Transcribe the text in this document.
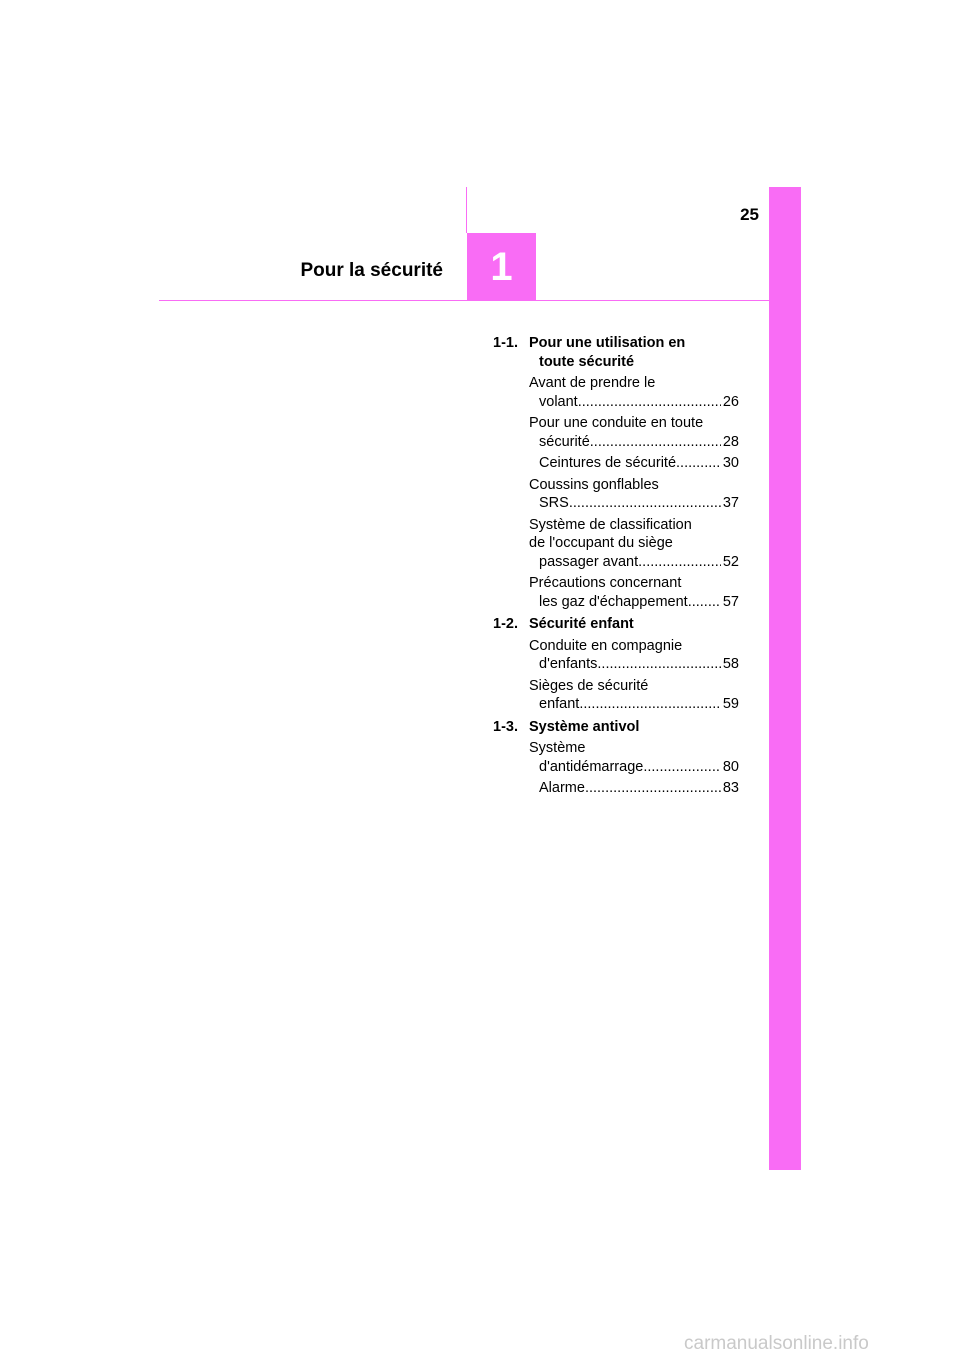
25
Pour la sécurité	1
1-1. Pour une utilisation en
toute sécurité
Avant de prendre le
volant .....	26
Pour une conduite en toute
sécurité .....	28
Ceintures de sécurité .....	30
Coussins gonflables
SRS .....	37
Système de classification
de l'occupant du siège
passager avant .....	52
Précautions concernant
les gaz d'échappement ..... 57
1-2. Sécurité enfant
Conduite en compagnie
d'enfants .....	58
Sièges de sécurité
enfant .....	59
1-3. Système antivol
Système
d'antidémarrage .....	80
Alarme .....	83
carmanualsonline.info
